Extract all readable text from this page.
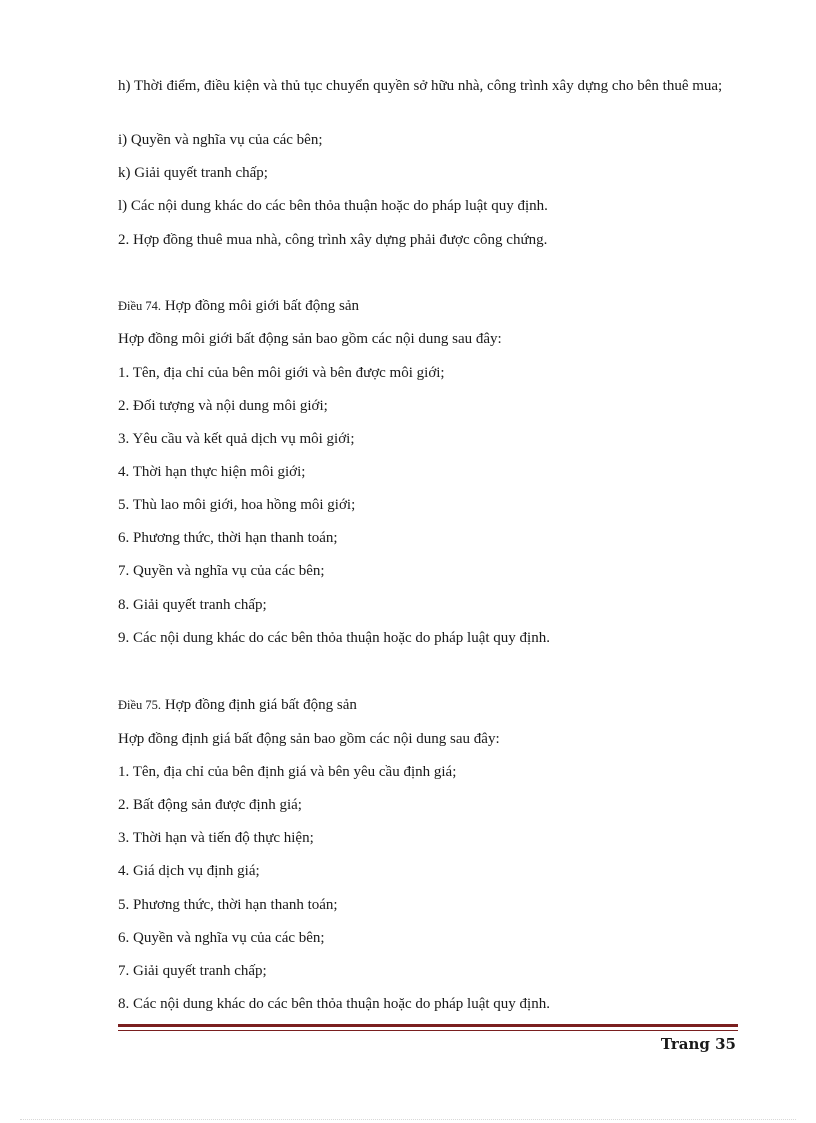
h) Thời điểm, điều kiện và thủ tục chuyển quyền sở hữu nhà, công trình xây dựng cho bên thuê mua;

i) Quyền và nghĩa vụ của các bên;

k) Giải quyết tranh chấp;

l) Các nội dung khác do các bên thỏa thuận hoặc do pháp luật quy định.

2. Hợp đồng thuê mua nhà, công trình xây dựng phải được công chứng.

Điều 74. Hợp đồng môi giới bất động sản

Hợp đồng môi giới bất động sản bao gồm các nội dung sau đây:

1. Tên, địa chỉ của bên môi giới và bên được môi giới;

2. Đối tượng và nội dung môi giới;

3. Yêu cầu và kết quả dịch vụ môi giới;

4. Thời hạn thực hiện môi giới;

5. Thù lao môi giới, hoa hồng môi giới;

6. Phương thức, thời hạn thanh toán;

7. Quyền và nghĩa vụ của các bên;

8. Giải quyết tranh chấp;

9. Các nội dung khác do các bên thỏa thuận hoặc do pháp luật quy định.

Điều 75. Hợp đồng định giá bất động sản

Hợp đồng định giá bất động sản bao gồm các nội dung sau đây:

1. Tên, địa chỉ của bên định giá và bên yêu cầu định giá;

2. Bất động sản được định giá;

3. Thời hạn và tiến độ thực hiện;

4. Giá dịch vụ định giá;

5. Phương thức, thời hạn thanh toán;

6. Quyền và nghĩa vụ của các bên;

7. Giải quyết tranh chấp;

8. Các nội dung khác do các bên thỏa thuận hoặc do pháp luật quy định.

Trang 35
